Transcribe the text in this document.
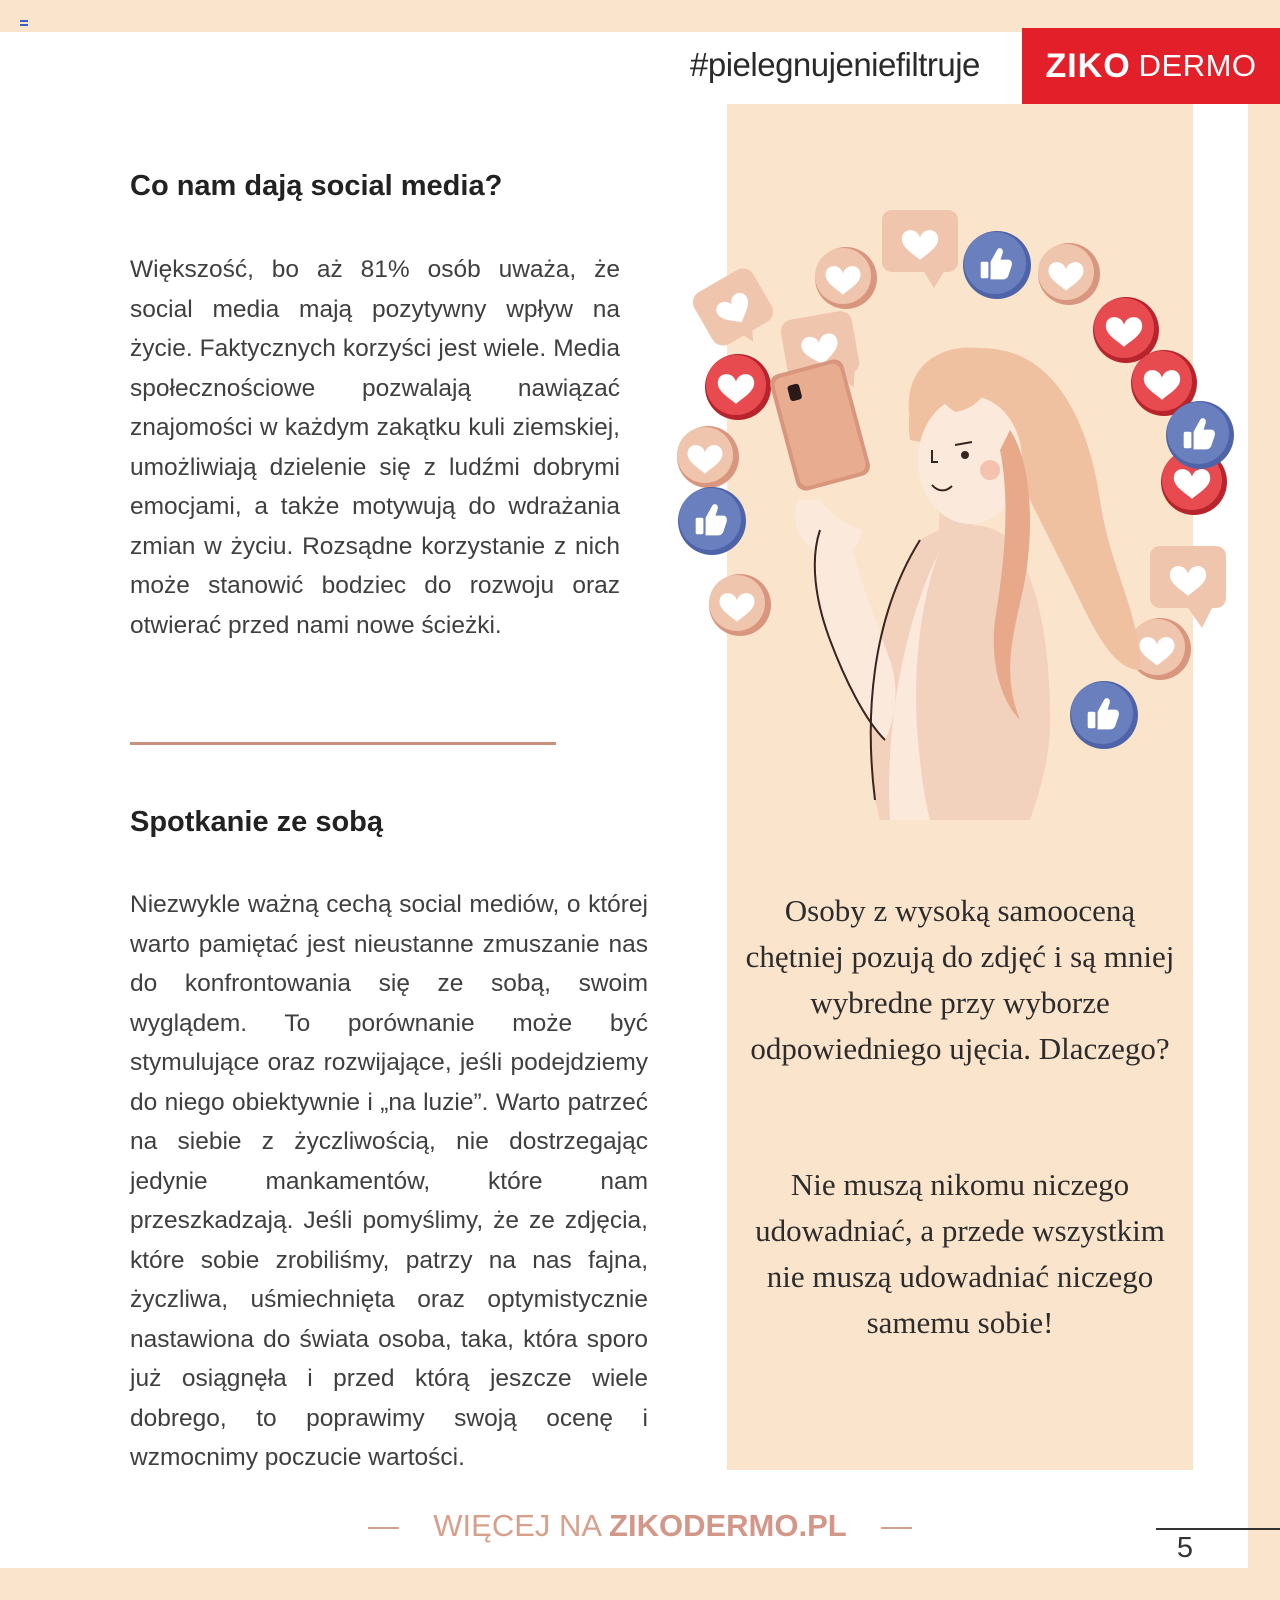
#pielegnujeniefiltruje	ZIKO DERMO
Co nam dają social media?

Większość, bo aż 81% osób uważa, że social media mają pozytywny wpływ na życie. Faktycznych korzyści jest wiele. Media społecznościowe pozwalają nawiązać znajomości w każdym zakątku kuli ziemskiej, umożliwiają dzielenie się z ludźmi dobrymi emocjami, a także motywują do wdrażania zmian w życiu. Rozsądne korzystanie z nich może stanowić bodziec do rozwoju oraz otwierać przed nami nowe ścieżki.

Spotkanie ze sobą

Niezwykle ważną cechą social mediów, o której warto pamiętać jest nieustanne zmuszanie nas do konfrontowania się ze sobą, swoim wyglądem. To porównanie może być stymulujące oraz rozwijające, jeśli podejdziemy do niego obiektywnie i „na luzie”. Warto patrzeć na siebie z życzliwością, nie dostrzegając jedynie mankamentów, które nam przeszkadzają. Jeśli pomyślimy, że ze zdjęcia, które sobie zrobiliśmy, patrzy na nas fajna, życzliwa, uśmiechnięta oraz optymistycznie nastawiona do świata osoba, taka, która sporo już osiągnęła i przed którą jeszcze wiele dobrego, to poprawimy swoją ocenę i wzmocnimy poczucie wartości.

Osoby z wysoką samooceną chętniej pozują do zdjęć i są mniej wybredne przy wyborze odpowiedniego ujęcia. Dlaczego?
Nie muszą nikomu niczego udowadniać, a przede wszystkim nie muszą udowadniać niczego samemu sobie!
— WIĘCEJ NA ZIKODERMO.PL —
5
